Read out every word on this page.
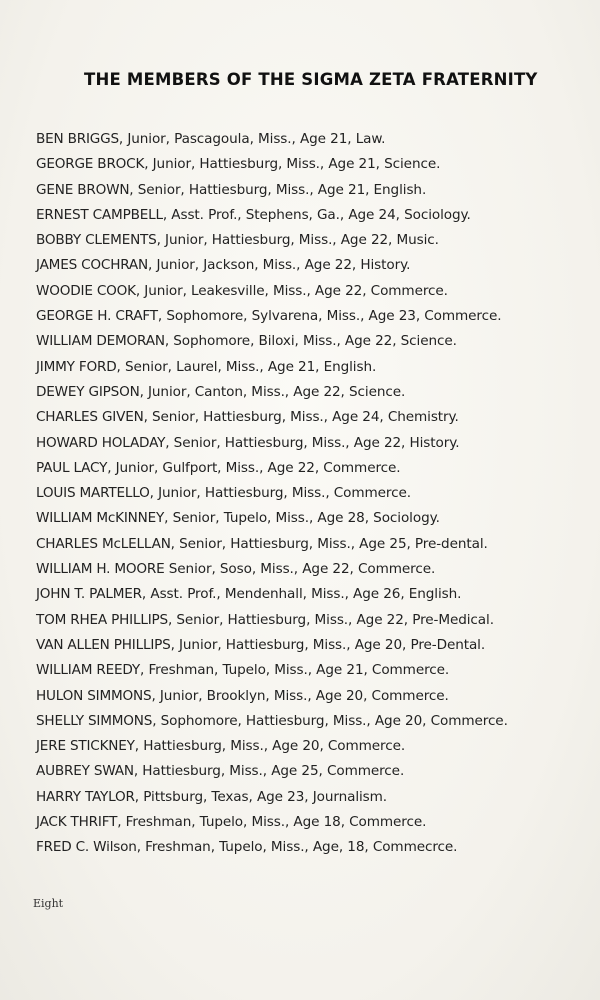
THE MEMBERS OF THE SIGMA ZETA FRATERNITY
BEN BRIGGS, Junior, Pascagoula, Miss., Age 21, Law.
GEORGE BROCK, Junior, Hattiesburg, Miss., Age 21, Science.
GENE BROWN, Senior, Hattiesburg, Miss., Age 21, English.
ERNEST CAMPBELL, Asst. Prof., Stephens, Ga., Age 24, Sociology.
BOBBY CLEMENTS, Junior, Hattiesburg, Miss., Age 22, Music.
JAMES COCHRAN, Junior, Jackson, Miss., Age 22, History.
WOODIE COOK, Junior, Leakesville, Miss., Age 22, Commerce.
GEORGE H. CRAFT, Sophomore, Sylvarena, Miss., Age 23, Commerce.
WILLIAM DEMORAN, Sophomore, Biloxi, Miss., Age 22, Science.
JIMMY FORD, Senior, Laurel, Miss., Age 21, English.
DEWEY GIPSON, Junior, Canton, Miss., Age 22, Science.
CHARLES GIVEN, Senior, Hattiesburg, Miss., Age 24, Chemistry.
HOWARD HOLADAY, Senior, Hattiesburg, Miss., Age 22, History.
PAUL LACY, Junior, Gulfport, Miss., Age 22, Commerce.
LOUIS MARTELLO, Junior, Hattiesburg, Miss., Commerce.
WILLIAM McKINNEY, Senior, Tupelo, Miss., Age 28, Sociology.
CHARLES McLELLAN, Senior, Hattiesburg, Miss., Age 25, Pre-dental.
WILLIAM H. MOORE Senior, Soso, Miss., Age 22, Commerce.
JOHN T. PALMER, Asst. Prof., Mendenhall, Miss., Age 26, English.
TOM RHEA PHILLIPS, Senior, Hattiesburg, Miss., Age 22, Pre-Medical.
VAN ALLEN PHILLIPS, Junior, Hattiesburg, Miss., Age 20, Pre-Dental.
WILLIAM REEDY, Freshman, Tupelo, Miss., Age 21, Commerce.
HULON SIMMONS, Junior, Brooklyn, Miss., Age 20, Commerce.
SHELLY SIMMONS, Sophomore, Hattiesburg, Miss., Age 20, Commerce.
JERE STICKNEY, Hattiesburg, Miss., Age 20, Commerce.
AUBREY SWAN, Hattiesburg, Miss., Age 25, Commerce.
HARRY TAYLOR, Pittsburg, Texas, Age 23, Journalism.
JACK THRIFT, Freshman, Tupelo, Miss., Age 18, Commerce.
FRED C. Wilson, Freshman, Tupelo, Miss., Age, 18, Commecrce.
Eight
